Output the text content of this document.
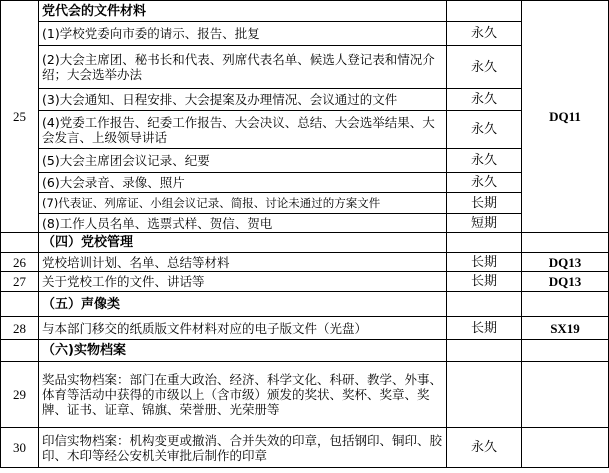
25	党代会的文件材料		DQ11
	(1)学校党委向市委的请示、报告、批复	永久	
	(2)大会主席团、秘书长和代表、列席代表名单、候选人登记表和情况介绍；大会选举办法	永久	
	(3)大会通知、日程安排、大会提案及办理情况、会议通过的文件	永久	
	(4)党委工作报告、纪委工作报告、大会决议、总结、大会选举结果、大会发言、上级领导讲话	永久	
	(5)大会主席团会议记录、纪要	永久	
	(6)大会录音、录像、照片	永久	

	(7)代表证、列席证、小组会议记录、简报、讨论未通过的方案文件	长期	
	(8)工作人员名单、选票式样、贺信、贺电	短期	
	（四）党校管理		
26	党校培训计划、名单、总结等材料	长期	DQ13
27	关于党校工作的文件、讲话等	长期	DQ13
	（五）声像类		
28	与本部门移交的纸质版文件材料对应的电子版文件（光盘）	长期	SX19
	（六)实物档案		
29	奖品实物档案：部门在重大政治、经济、科学文化、科研、教学、外事、体育等活动中获得的市级以上（含市级）颁发的奖状、奖杯、奖章、奖牌、证书、证章、锦旗、荣誉册、光荣册等		
30	印信实物档案：机构变更或撤消、合并失效的印章，包括钢印、铜印、胶印、木印等经公安机关审批后制作的印章	永久	
